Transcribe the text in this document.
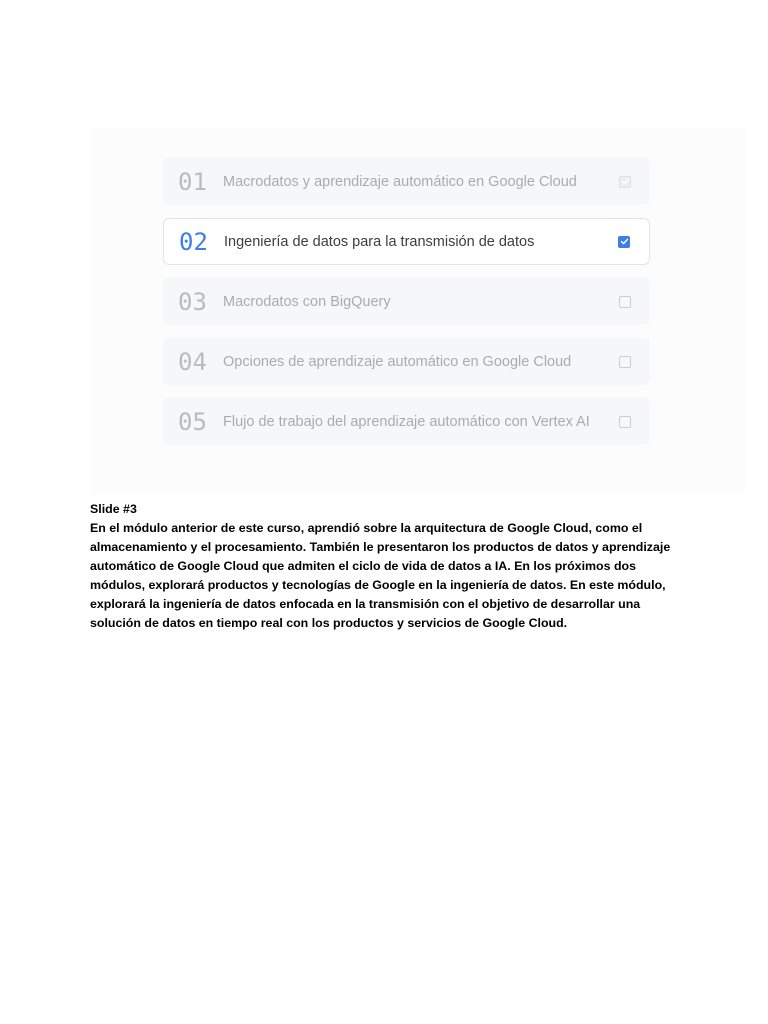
01	Macrodatos y aprendizaje automático en Google Cloud
02	Ingeniería de datos para la transmisión de datos
03	Macrodatos con BigQuery
04	Opciones de aprendizaje automático en Google Cloud
05	Flujo de trabajo del aprendizaje automático con Vertex AI

Slide #3

En el módulo anterior de este curso, aprendió sobre la arquitectura de Google Cloud, como el almacenamiento y el procesamiento. También le presentaron los productos de datos y aprendizaje automático de Google Cloud que admiten el ciclo de vida de datos a IA. En los próximos dos módulos, explorará productos y tecnologías de Google en la ingeniería de datos. En este módulo, explorará la ingeniería de datos enfocada en la transmisión con el objetivo de desarrollar una solución de datos en tiempo real con los productos y servicios de Google Cloud.
